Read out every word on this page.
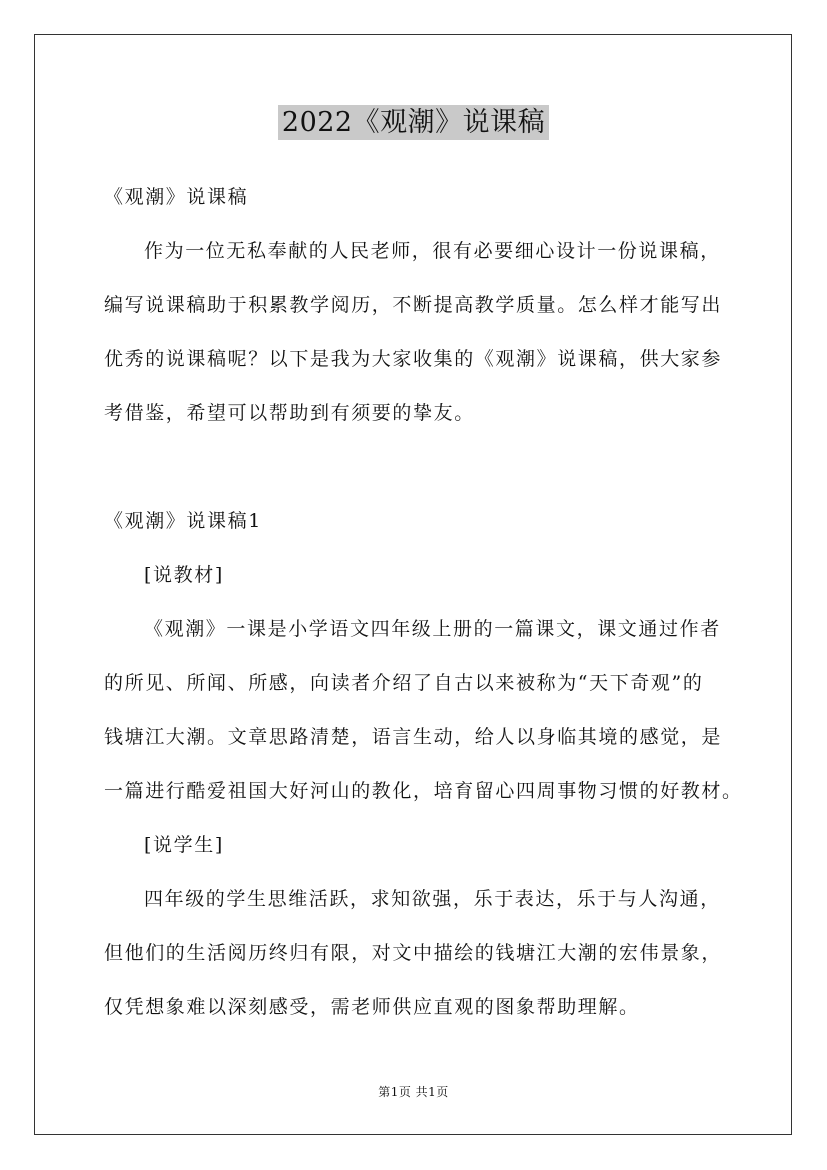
2022《观潮》说课稿
《观潮》说课稿
作为一位无私奉献的人民老师，很有必要细心设计一份说课稿，
编写说课稿助于积累教学阅历，不断提高教学质量。怎么样才能写出
优秀的说课稿呢？以下是我为大家收集的《观潮》说课稿，供大家参
考借鉴，希望可以帮助到有须要的挚友。
《观潮》说课稿1
[说教材]
《观潮》一课是小学语文四年级上册的一篇课文，课文通过作者
的所见、所闻、所感，向读者介绍了自古以来被称为“天下奇观”的
钱塘江大潮。文章思路清楚，语言生动，给人以身临其境的感觉，是
一篇进行酷爱祖国大好河山的教化，培育留心四周事物习惯的好教材。
[说学生]
四年级的学生思维活跃，求知欲强，乐于表达，乐于与人沟通，
但他们的生活阅历终归有限，对文中描绘的钱塘江大潮的宏伟景象，
仅凭想象难以深刻感受，需老师供应直观的图象帮助理解。
第1页 共1页
